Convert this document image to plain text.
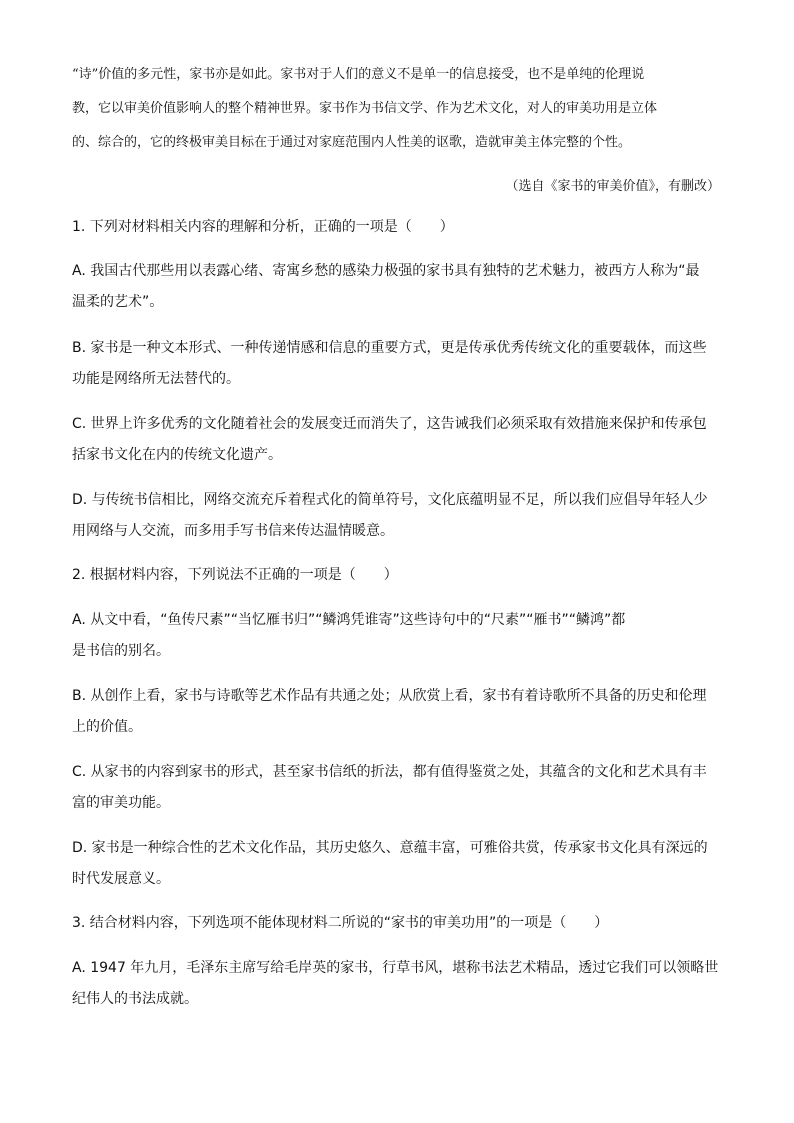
“诗”价值的多元性，家书亦是如此。家书对于人们的意义不是单一的信息接受，也不是单纯的伦理说

教，它以审美价值影响人的整个精神世界。家书作为书信文学、作为艺术文化，对人的审美功用是立体

的、综合的，它的终极审美目标在于通过对家庭范围内人性美的讴歌，造就审美主体完整的个性。

（选自《家书的审美价值》，有删改）

1. 下列对材料相关内容的理解和分析，正确的一项是（　　）

A. 我国古代那些用以表露心绪、寄寓乡愁的感染力极强的家书具有独特的艺术魅力，被西方人称为“最

温柔的艺术”。

B. 家书是一种文本形式、一种传递情感和信息的重要方式，更是传承优秀传统文化的重要载体，而这些

功能是网络所无法替代的。

C. 世界上许多优秀的文化随着社会的发展变迁而消失了，这告诫我们必须采取有效措施来保护和传承包

括家书文化在内的传统文化遗产。

D. 与传统书信相比，网络交流充斥着程式化的简单符号，文化底蕴明显不足，所以我们应倡导年轻人少

用网络与人交流，而多用手写书信来传达温情暖意。

2. 根据材料内容，下列说法不正确的一项是（　　）

A. 从文中看，“鱼传尺素”“当忆雁书归”“鳞鸿凭谁寄”这些诗句中的“尺素”“雁书”“鳞鸿”都

是书信的别名。

B. 从创作上看，家书与诗歌等艺术作品有共通之处；从欣赏上看，家书有着诗歌所不具备的历史和伦理

上的价值。

C. 从家书的内容到家书的形式，甚至家书信纸的折法，都有值得鉴赏之处，其蕴含的文化和艺术具有丰

富的审美功能。

D. 家书是一种综合性的艺术文化作品，其历史悠久、意蕴丰富，可雅俗共赏，传承家书文化具有深远的

时代发展意义。

3. 结合材料内容，下列选项不能体现材料二所说的“家书的审美功用”的一项是（　　）

A. 1947 年九月，毛泽东主席写给毛岸英的家书，行草书风，堪称书法艺术精品，透过它我们可以领略世

纪伟人的书法成就。
